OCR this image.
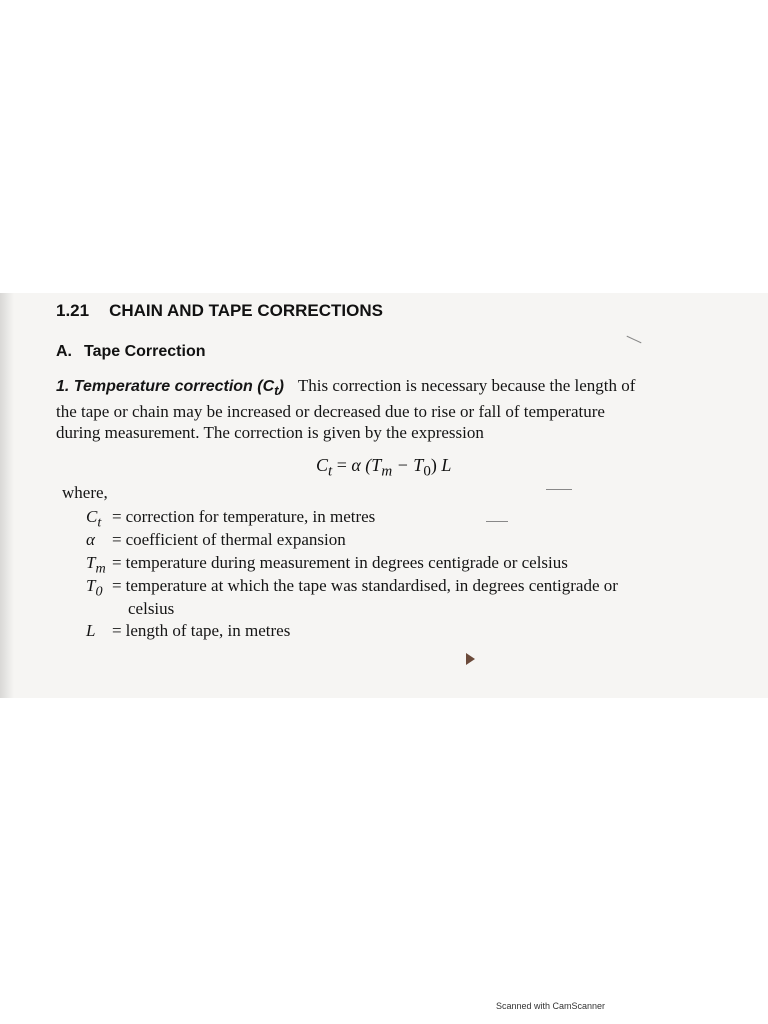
1.21 CHAIN AND TAPE CORRECTIONS
A. Tape Correction
1. Temperature correction $(C_t)$ This correction is necessary because the length of
the tape or chain may be increased or decreased due to rise or fall of temperature
during measurement. The correction is given by the expression
$C_t = \alpha$ $(T_m - T_0)$ L
where,
$C_t$ = correction for temperature, in metres
α = coefficient of thermal expansion
$T_m$ = temperature during measurement in degrees centigrade or celsius
$T_0$ = temperature at which the tape was standardised, in degrees centigrade or
celsius
L = length of tape, in metres
Scanned with CamScanner
